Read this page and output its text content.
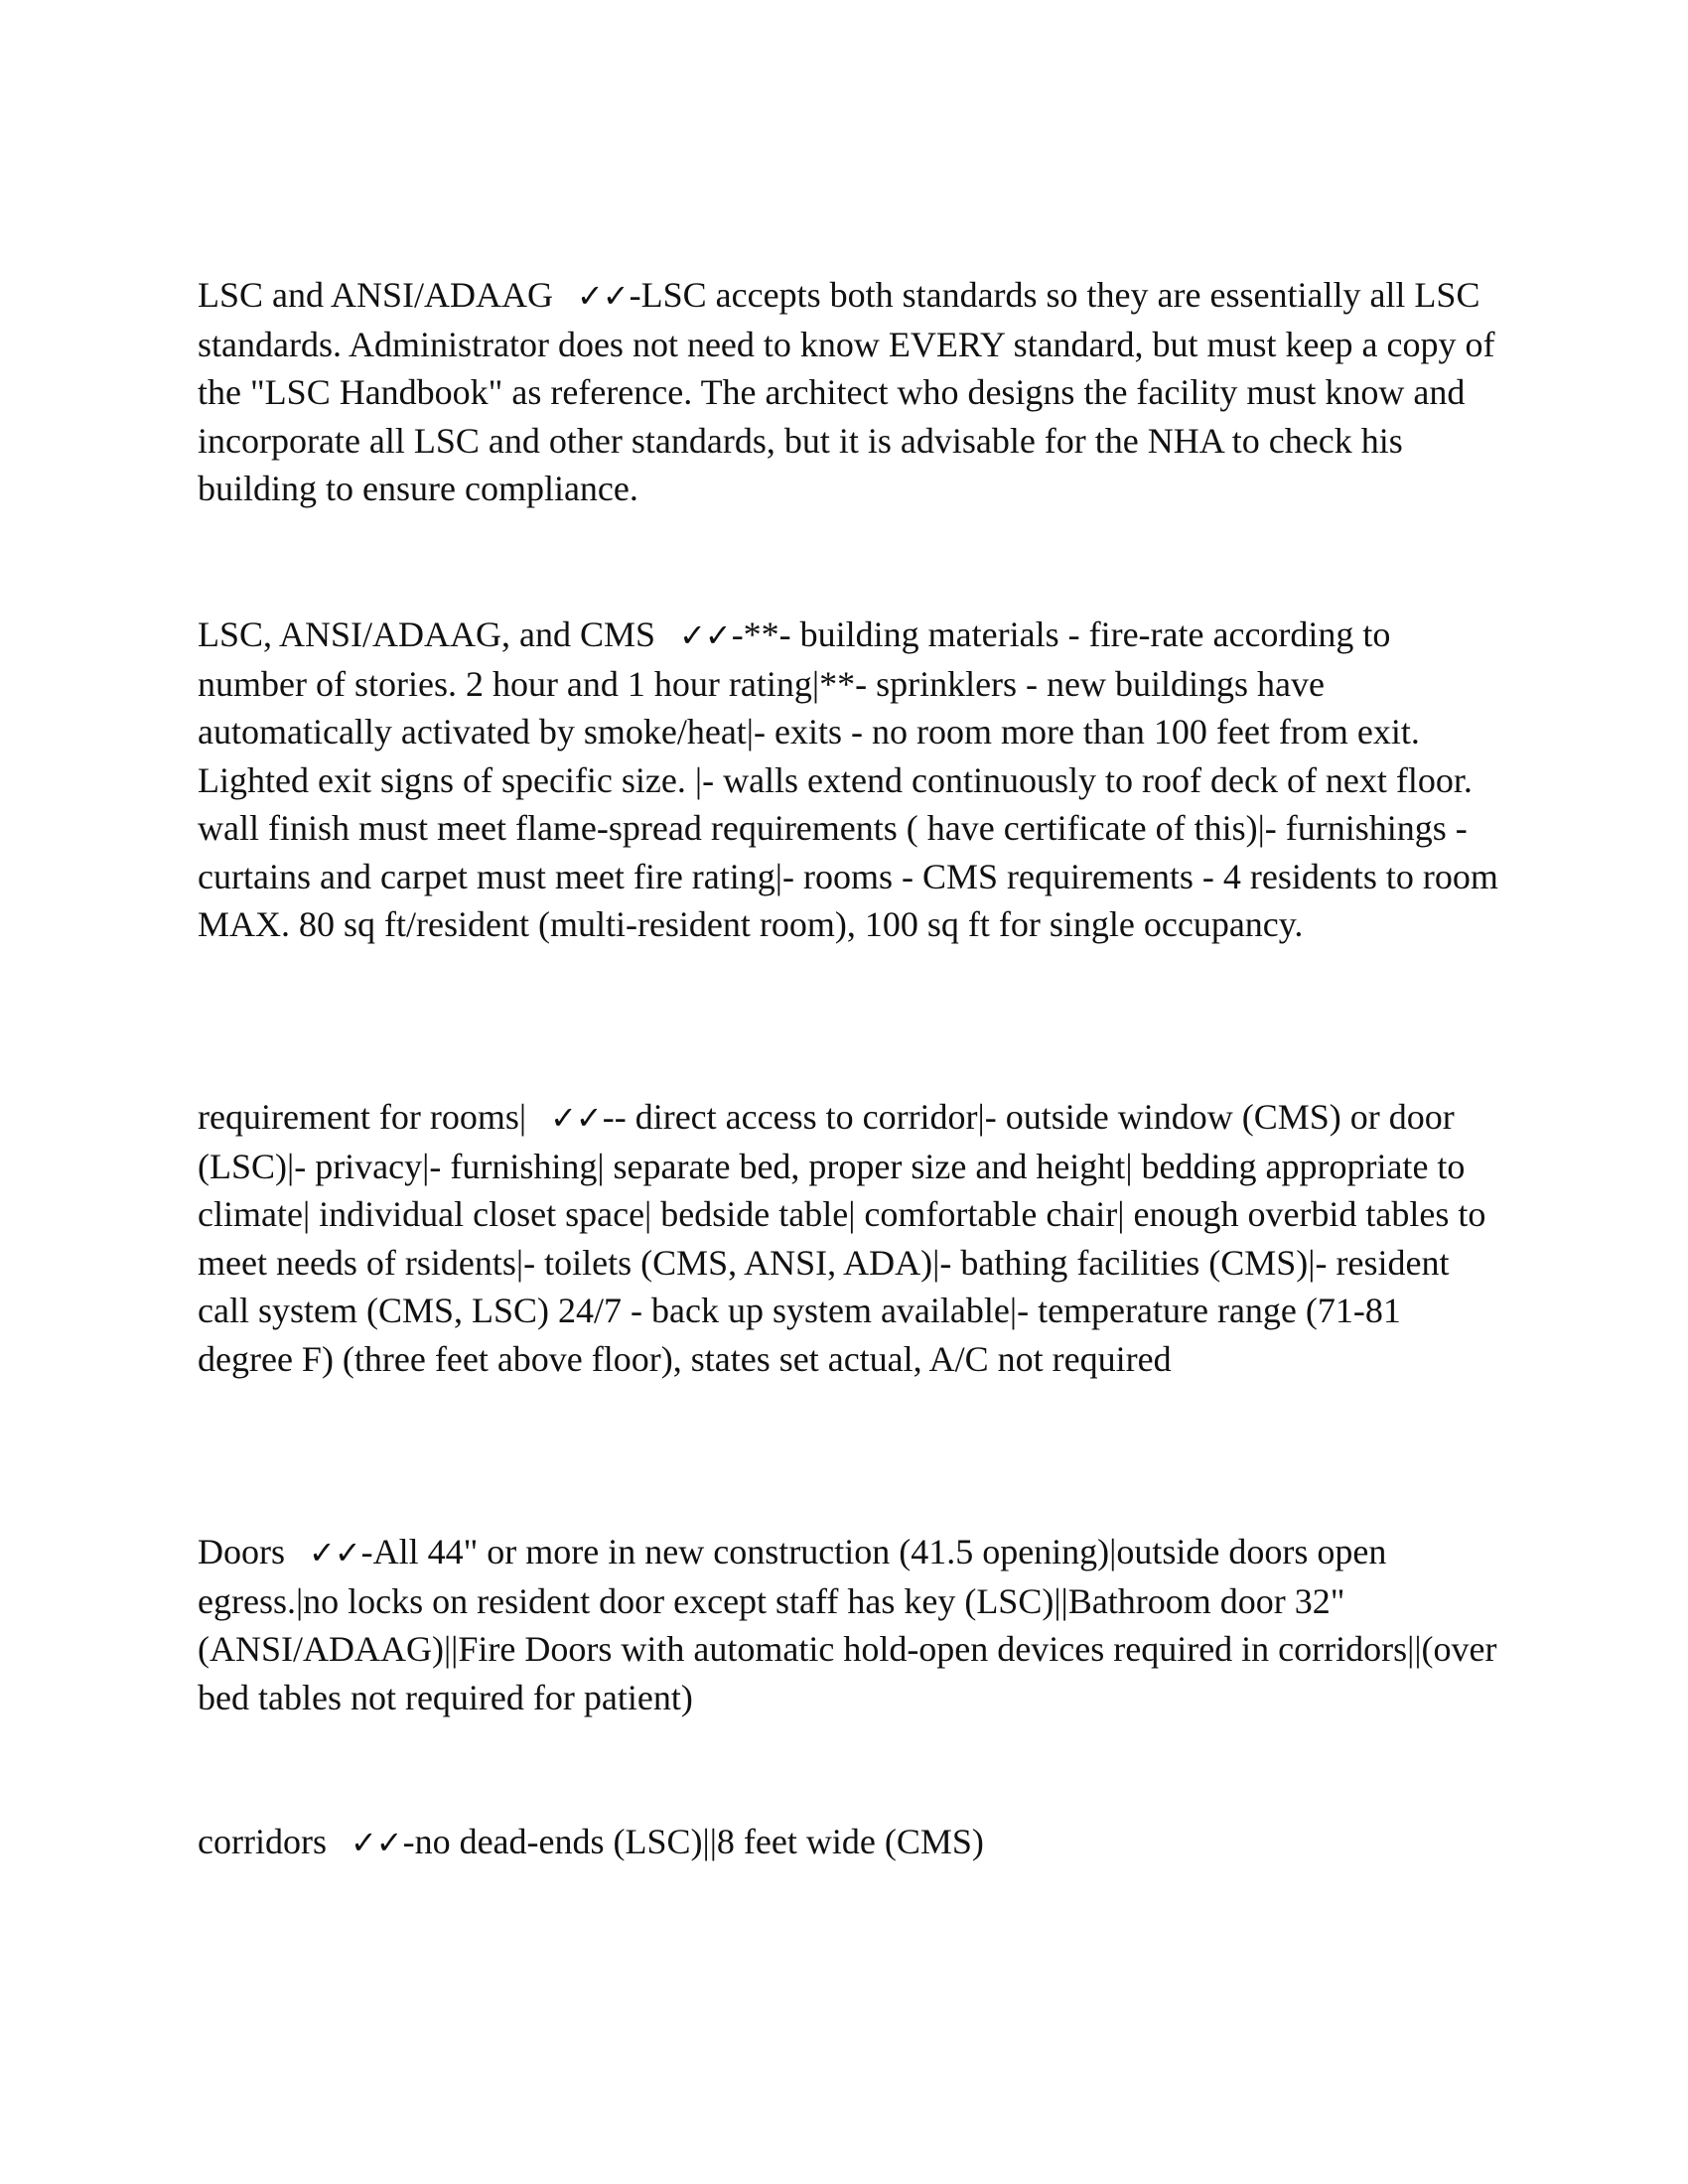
LSC and ANSI/ADAAG ✓✓-LSC accepts both standards so they are essentially all LSC standards. Administrator does not need to know EVERY standard, but must keep a copy of the "LSC Handbook" as reference. The architect who designs the facility must know and incorporate all LSC and other standards, but it is advisable for the NHA to check his building to ensure compliance.

LSC, ANSI/ADAAG, and CMS ✓✓-**- building materials - fire-rate according to number of stories. 2 hour and 1 hour rating|**- sprinklers - new buildings have automatically activated by smoke/heat|- exits - no room more than 100 feet from exit. Lighted exit signs of specific size. |- walls extend continuously to roof deck of next floor. wall finish must meet flame-spread requirements ( have certificate of this)|- furnishings - curtains and carpet must meet fire rating|- rooms - CMS requirements - 4 residents to room MAX. 80 sq ft/resident (multi-resident room), 100 sq ft for single occupancy.

requirement for rooms| ✓✓-- direct access to corridor|- outside window (CMS) or door (LSC)|- privacy|- furnishing| separate bed, proper size and height| bedding appropriate to climate| individual closet space| bedside table| comfortable chair| enough overbid tables to meet needs of rsidents|- toilets (CMS, ANSI, ADA)|- bathing facilities (CMS)|- resident call system (CMS, LSC) 24/7 - back up system available|- temperature range (71-81 degree F) (three feet above floor), states set actual, A/C not required

Doors ✓✓-All 44" or more in new construction (41.5 opening)|outside doors open egress.|no locks on resident door except staff has key (LSC)||Bathroom door 32" (ANSI/ADAAG)||Fire Doors with automatic hold-open devices required in corridors||(over bed tables not required for patient)

corridors ✓✓-no dead-ends (LSC)||8 feet wide (CMS)
